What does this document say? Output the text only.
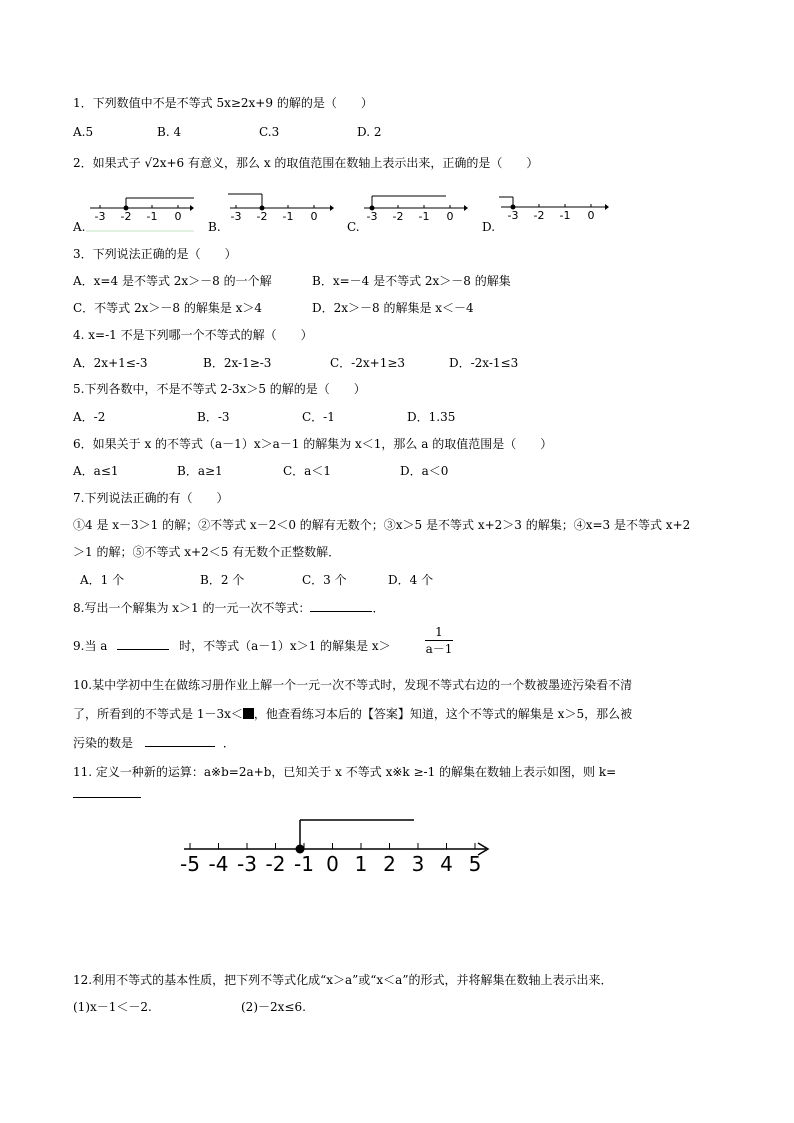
1．下列数值中不是不等式 5x≥2x+9 的解的是（　　）
A.5	B. 4	C.3	D. 2
2．如果式子 √2x+6 有意义，那么 x 的取值范围在数轴上表示出来，正确的是（　　）
-3 -2 -1 0
A.
-3 -2 -1 0
B.
-3 -2 -1 0
C.
-3 -2 -1 0
D.
3．下列说法正确的是（　　）
A．x=4 是不等式 2x＞－8 的一个解	B．x=－4 是不等式 2x＞－8 的解集
C．不等式 2x＞－8 的解集是 x＞4	D．2x＞－8 的解集是 x＜－4
4. x=-1 不是下列哪一个不等式的解（　　）
A．2x+1≤-3	B．2x-1≥-3	C．-2x+1≥3	D．-2x-1≤3
5.下列各数中，不是不等式 2-3x＞5 的解的是（　　）
A．-2	B．-3	C．-1	D．1.35
6．如果关于 x 的不等式（a－1）x＞a－1 的解集为 x＜1，那么 a 的取值范围是（　　）
A．a≤1	B．a≥1	C．a＜1	D．a＜0
7.下列说法正确的有（　　）
①4 是 x－3＞1 的解；②不等式 x－2＜0 的解有无数个；③x＞5 是不等式 x+2＞3 的解集；④x=3 是不等式 x+2
＞1 的解；⑤不等式 x+2＜5 有无数个正整数解．
A．1 个	B．2 个	C．3 个	D．4 个
8.写出一个解集为 x＞1 的一元一次不等式：	．
9.当 a	时，不等式（a－1）x＞1 的解集是 x＞	$\frac{1}{a-1}$
10.某中学初中生在做练习册作业上解一个一元一次不等式时，发现不等式右边的一个数被墨迹污染看不清
了，所看到的不等式是 1－3x＜ ，他查看练习本后的【答案】知道，这个不等式的解集是 x＞5，那么被
污染的数是	．
11. 定义一种新的运算：a※b=2a+b，已知关于 x 不等式 x※k ≥-1 的解集在数轴上表示如图，则 k=
-5 -4 -3 -2 -1 0 1 2 3 4 5
12.利用不等式的基本性质，把下列不等式化成“x＞a”或“x＜a”的形式，并将解集在数轴上表示出来．
(1)x－1＜－2.	(2)－2x≤6.
